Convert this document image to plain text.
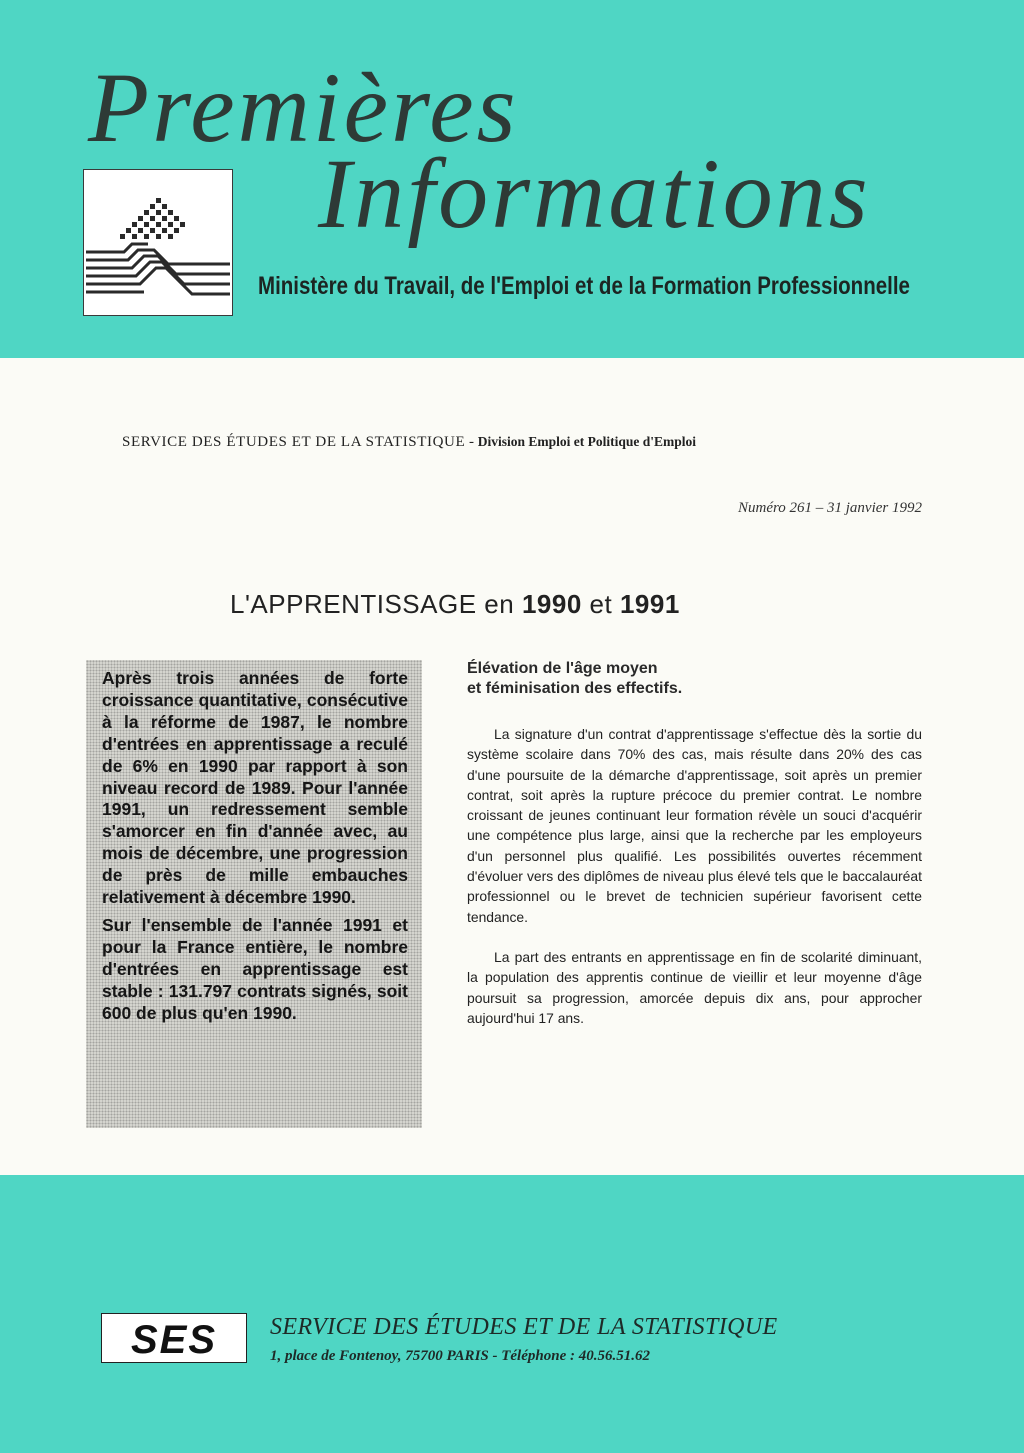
Premières
Informations
Ministère du Travail, de l'Emploi et de la Formation Professionnelle
SERVICE DES ÉTUDES ET DE LA STATISTIQUE - Division Emploi et Politique d'Emploi
Numéro 261 – 31 janvier 1992
L'APPRENTISSAGE en 1990 et 1991

Après trois années de forte croissance quantitative, consécutive à la réforme de 1987, le nombre d'entrées en apprentissage a reculé de 6% en 1990 par rapport à son niveau record de 1989. Pour l'année 1991, un redressement semble s'amorcer en fin d'année avec, au mois de décembre, une progression de près de mille embauches relativement à décembre 1990.

Sur l'ensemble de l'année 1991 et pour la France entière, le nombre d'entrées en apprentissage est stable : 131.797 contrats signés, soit 600 de plus qu'en 1990.

Élévation de l'âge moyen
et féminisation des effectifs.

La signature d'un contrat d'apprentissage s'effectue dès la sortie du système scolaire dans 70% des cas, mais résulte dans 20% des cas d'une poursuite de la démarche d'apprentissage, soit après un premier contrat, soit après la rupture précoce du premier contrat. Le nombre croissant de jeunes continuant leur formation révèle un souci d'acquérir une compétence plus large, ainsi que la recherche par les employeurs d'un personnel plus qualifié. Les possibilités ouvertes récemment d'évoluer vers des diplômes de niveau plus élevé tels que le baccalauréat professionnel ou le brevet de technicien supérieur favorisent cette tendance.

La part des entrants en apprentissage en fin de scolarité diminuant, la population des apprentis continue de vieillir et leur moyenne d'âge poursuit sa progression, amorcée depuis dix ans, pour approcher aujourd'hui 17 ans.

SES SERVICE DES ÉTUDES ET DE LA STATISTIQUE
1, place de Fontenoy, 75700 PARIS - Téléphone : 40.56.51.62
